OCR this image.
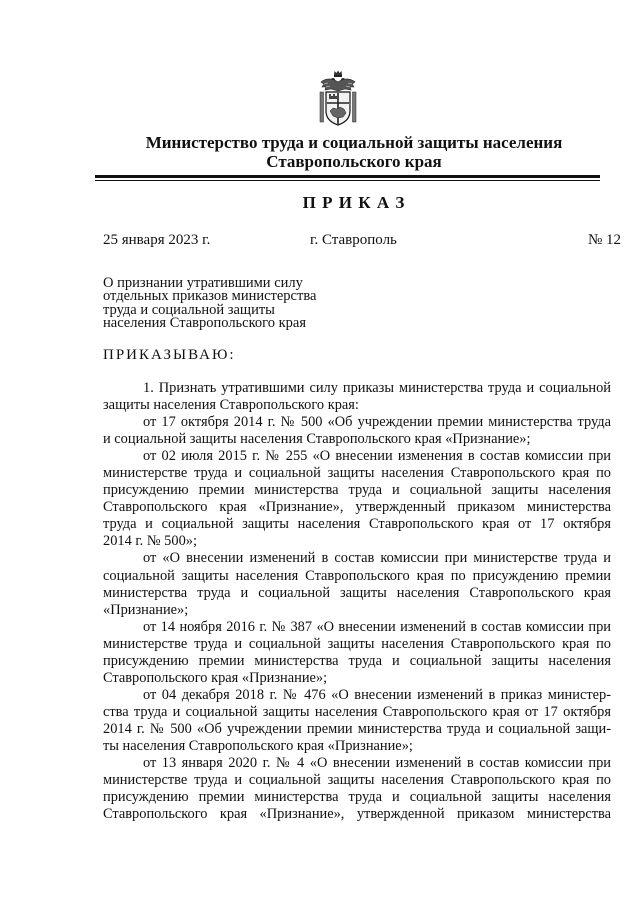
Министерство труда и социальной защиты населения
Ставропольского края
П Р И К А З
25 января 2023 г.	г. Ставрополь	№ 12
О признании утратившими силу
отдельных приказов министерства
труда и социальной защиты
населения Ставропольского края
ПРИКАЗЫВАЮ:
1. Признать утратившими силу приказы министерства труда и социальной
защиты населения Ставропольского края:
от 17 октября 2014 г. № 500 «Об учреждении премии министерства труда
и социальной защиты населения Ставропольского края «Признание»;
от 02 июля 2015 г. № 255 «О внесении изменения в состав комиссии при
министерстве труда и социальной защиты населения Ставропольского края по
присуждению премии министерства труда и социальной защиты населения
Ставропольского края «Признание», утвержденный приказом министерства
труда и социальной защиты населения Ставропольского края от 17 октября
2014 г. № 500»;
от «О внесении изменений в состав комиссии при министерстве труда и
социальной защиты населения Ставропольского края по присуждению премии
министерства труда и социальной защиты населения Ставропольского края
«Признание»;
от 14 ноября 2016 г. № 387 «О внесении изменений в состав комиссии при
министерстве труда и социальной защиты населения Ставропольского края по
присуждению премии министерства труда и социальной защиты населения
Ставропольского края «Признание»;
от 04 декабря 2018 г. № 476 «О внесении изменений в приказ министер-
ства труда и социальной защиты населения Ставропольского края от 17 октября
2014 г. № 500 «Об учреждении премии министерства труда и социальной защи-
ты населения Ставропольского края «Признание»;
от 13 января 2020 г. № 4 «О внесении изменений в состав комиссии при
министерстве труда и социальной защиты населения Ставропольского края по
присуждению премии министерства труда и социальной защиты населения
Ставропольского края «Признание», утвержденной приказом министерства
